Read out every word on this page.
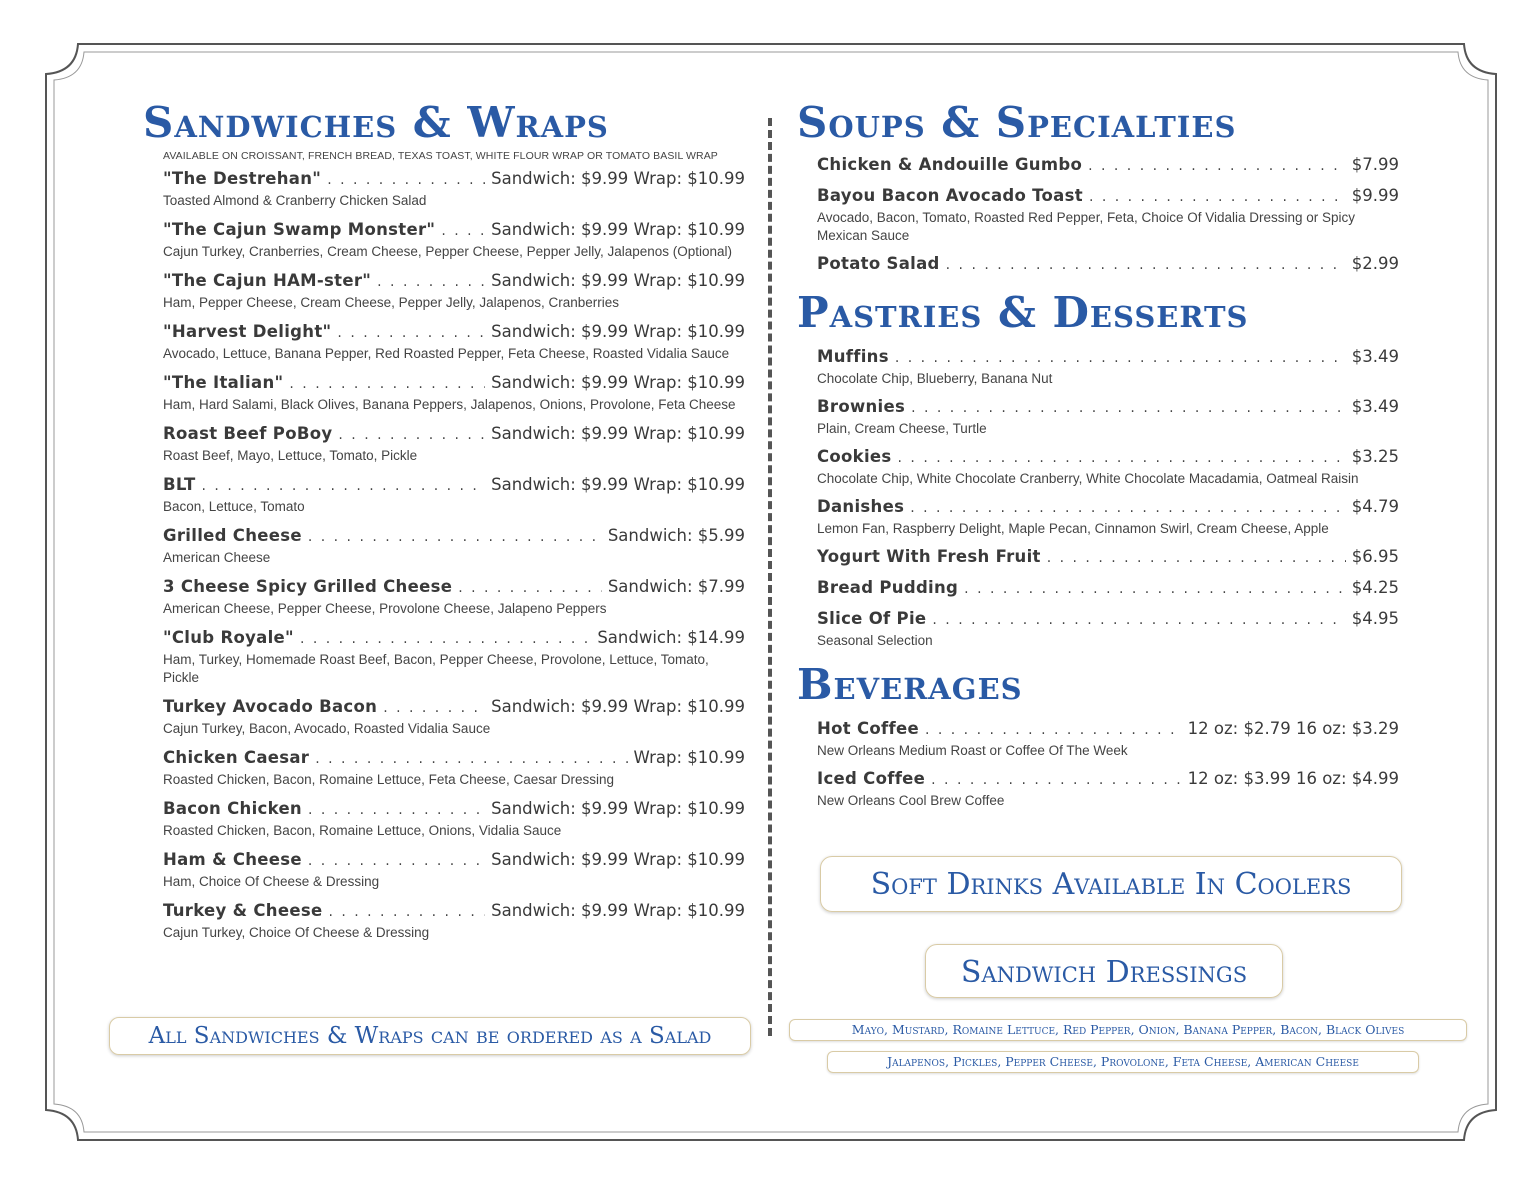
Sandwiches & Wraps
AVAILABLE ON CROISSANT, FRENCH BREAD, TEXAS TOAST, WHITE FLOUR WRAP OR TOMATO BASIL WRAP
"The Destrehan" . . .	Sandwich: $9.99 Wrap: $10.99
Toasted Almond & Cranberry Chicken Salad
"The Cajun Swamp Monster" . . .	Sandwich: $9.99 Wrap: $10.99
Cajun Turkey, Cranberries, Cream Cheese, Pepper Cheese, Pepper Jelly, Jalapenos (Optional)
"The Cajun HAM-ster" . . .	Sandwich: $9.99 Wrap: $10.99
Ham, Pepper Cheese, Cream Cheese, Pepper Jelly, Jalapenos, Cranberries
"Harvest Delight" . . .	Sandwich: $9.99 Wrap: $10.99
Avocado, Lettuce, Banana Pepper, Red Roasted Pepper, Feta Cheese, Roasted Vidalia Sauce
"The Italian" . . .	Sandwich: $9.99 Wrap: $10.99
Ham, Hard Salami, Black Olives, Banana Peppers, Jalapenos, Onions, Provolone, Feta Cheese
Roast Beef PoBoy . . .	Sandwich: $9.99 Wrap: $10.99
Roast Beef, Mayo, Lettuce, Tomato, Pickle
BLT . . .	Sandwich: $9.99 Wrap: $10.99
Bacon, Lettuce, Tomato
Grilled Cheese . . .	Sandwich: $5.99
American Cheese
3 Cheese Spicy Grilled Cheese . . .	Sandwich: $7.99
American Cheese, Pepper Cheese, Provolone Cheese, Jalapeno Peppers
"Club Royale" . . .	Sandwich: $14.99
Ham, Turkey, Homemade Roast Beef, Bacon, Pepper Cheese, Provolone, Lettuce, Tomato, Pickle
Turkey Avocado Bacon . . .	Sandwich: $9.99 Wrap: $10.99
Cajun Turkey, Bacon, Avocado, Roasted Vidalia Sauce
Chicken Caesar . . .	Wrap: $10.99
Roasted Chicken, Bacon, Romaine Lettuce, Feta Cheese, Caesar Dressing
Bacon Chicken . . .	Sandwich: $9.99 Wrap: $10.99
Roasted Chicken, Bacon, Romaine Lettuce, Onions, Vidalia Sauce
Ham & Cheese . . .	Sandwich: $9.99 Wrap: $10.99
Ham, Choice Of Cheese & Dressing
Turkey & Cheese . . .	Sandwich: $9.99 Wrap: $10.99
Cajun Turkey, Choice Of Cheese & Dressing
All Sandwiches & Wraps can be ordered as a Salad
Soups & Specialties
Chicken & Andouille Gumbo . . .	$7.99
Bayou Bacon Avocado Toast . . .	$9.99
Avocado, Bacon, Tomato, Roasted Red Pepper, Feta, Choice Of Vidalia Dressing or Spicy Mexican Sauce
Potato Salad . . .	$2.99
Pastries & Desserts
Muffins . . .	$3.49
Chocolate Chip, Blueberry, Banana Nut
Brownies . . .	$3.49
Plain, Cream Cheese, Turtle
Cookies . . .	$3.25
Chocolate Chip, White Chocolate Cranberry, White Chocolate Macadamia, Oatmeal Raisin
Danishes . . .	$4.79
Lemon Fan, Raspberry Delight, Maple Pecan, Cinnamon Swirl, Cream Cheese, Apple
Yogurt With Fresh Fruit . . .	$6.95
Bread Pudding . . .	$4.25
Slice Of Pie . . .	$4.95
Seasonal Selection
Beverages
Hot Coffee . . .	12 oz: $2.79 16 oz: $3.29
New Orleans Medium Roast or Coffee Of The Week
Iced Coffee . . .	12 oz: $3.99 16 oz: $4.99
New Orleans Cool Brew Coffee
Soft Drinks Available In Coolers
Sandwich Dressings
Mayo, Mustard, Romaine Lettuce, Red Pepper, Onion, Banana Pepper, Bacon, Black Olives
Jalapenos, Pickles, Pepper Cheese, Provolone, Feta Cheese, American Cheese
